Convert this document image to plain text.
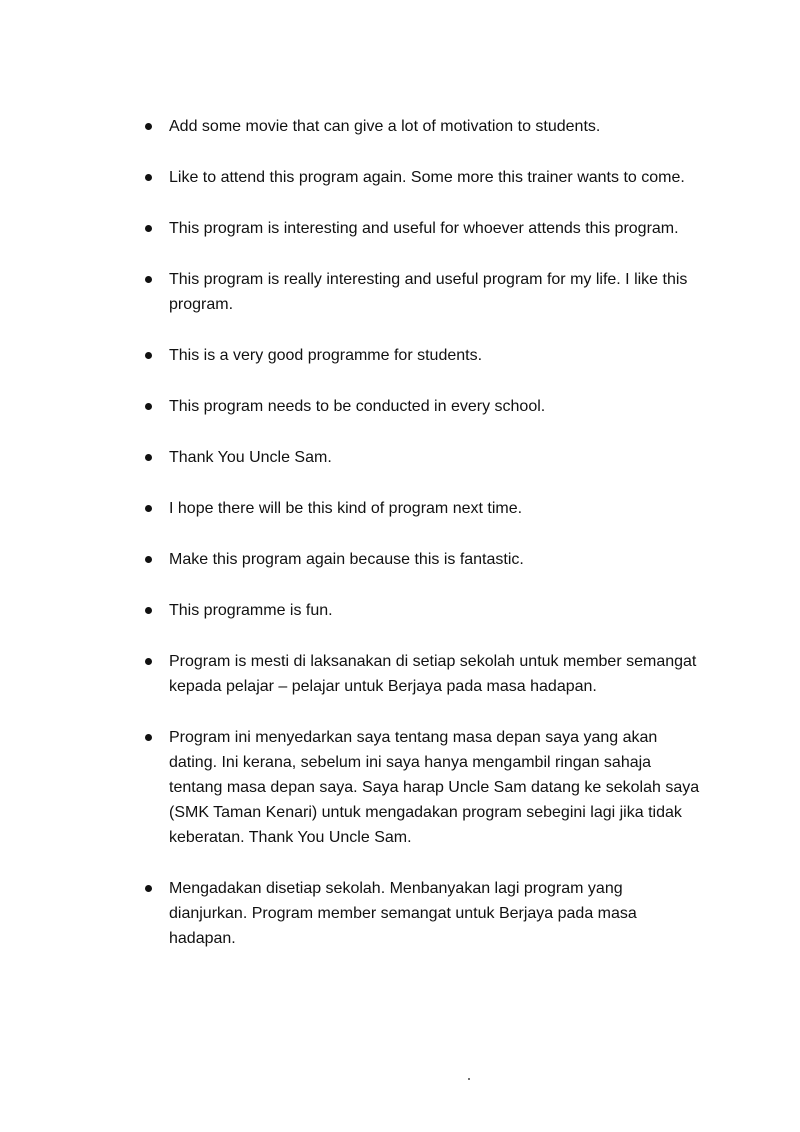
Add some movie that can give a lot of motivation to students.
Like to attend this program again. Some more this trainer wants to come.
This program is interesting and useful for whoever attends this program.
This program is really interesting and useful program for my life. I like this program.
This is a very good programme for students.
This program needs to be conducted in every school.
Thank You Uncle Sam.
I hope there will be this kind of program next time.
Make this program again because this is fantastic.
This programme is fun.
Program is mesti di laksanakan di setiap sekolah untuk member semangat kepada pelajar – pelajar untuk Berjaya pada masa hadapan.
Program ini menyedarkan saya tentang masa depan saya yang akan dating. Ini kerana, sebelum ini saya hanya mengambil ringan sahaja tentang masa depan saya. Saya harap Uncle Sam datang ke sekolah saya (SMK Taman Kenari) untuk mengadakan program sebegini lagi jika tidak keberatan. Thank You Uncle Sam.
Mengadakan disetiap sekolah. Menbanyakan lagi program yang dianjurkan. Program member semangat untuk Berjaya pada masa hadapan.
